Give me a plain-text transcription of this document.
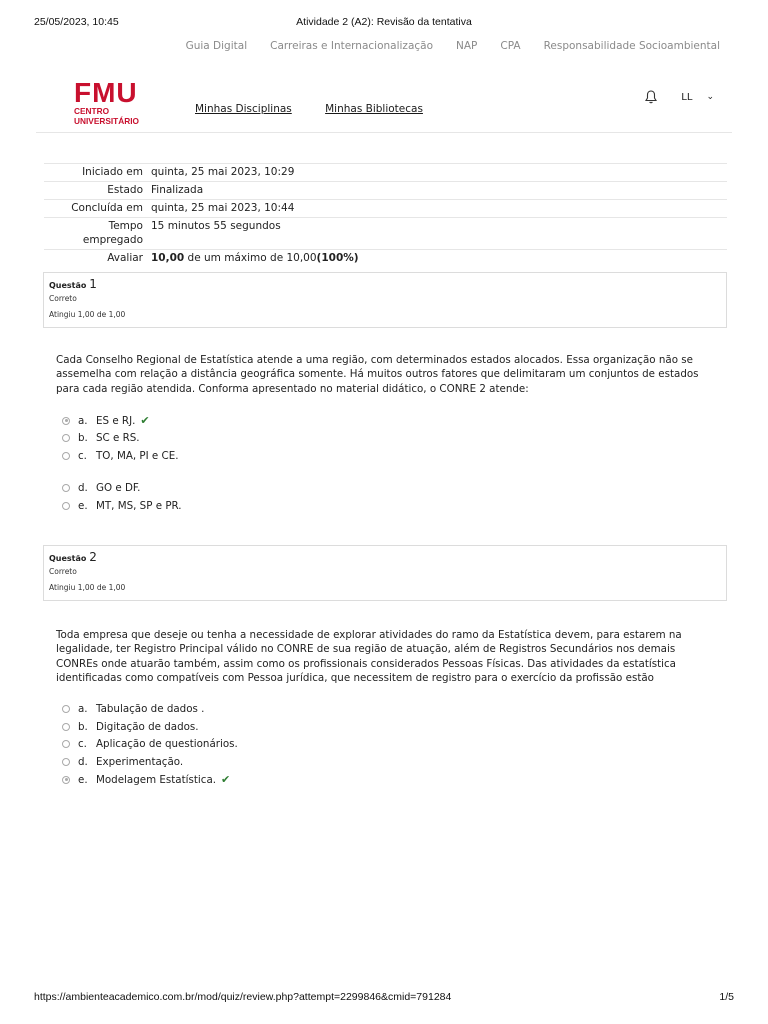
25/05/2023, 10:45	Atividade 2 (A2): Revisão da tentativa
Guia Digital Carreiras e Internacionalização NAP CPA Responsabilidade Socioambiental
FMU
CENTRO UNIVERSITÁRIO
Minhas Disciplinas	Minhas Bibliotecas
LL ⌄
Iniciado em	quinta, 25 mai 2023, 10:29
Estado	Finalizada
Concluída em	quinta, 25 mai 2023, 10:44
Tempo
empregado	15 minutos 55 segundos
Avaliar	10,00 de um máximo de 10,00(100%)
Questão 1
Correto
Atingiu 1,00 de 1,00
Cada Conselho Regional de Estatística atende a uma região, com determinados estados alocados. Essa organização não se assemelha com relação a distância geográfica somente. Há muitos outros fatores que delimitaram um conjuntos de estados para cada região atendida. Conforma apresentado no material didático, o CONRE 2 atende:
a. ES e RJ. ✔
b. SC e RS.
c. TO, MA, PI e CE.
d. GO e DF.
e. MT, MS, SP e PR.
Questão 2
Correto
Atingiu 1,00 de 1,00
Toda empresa que deseje ou tenha a necessidade de explorar atividades do ramo da Estatística devem, para estarem na legalidade, ter Registro Principal válido no CONRE de sua região de atuação, além de Registros Secundários nos demais CONREs onde atuarão também, assim como os profissionais considerados Pessoas Físicas. Das atividades da estatística identificadas como compatíveis com Pessoa jurídica, que necessitem de registro para o exercício da profissão estão
a. Tabulação de dados .
b. Digitação de dados.
c. Aplicação de questionários.
d. Experimentação.
e. Modelagem Estatística. ✔
https://ambienteacademico.com.br/mod/quiz/review.php?attempt=2299846&cmid=791284	1/5
